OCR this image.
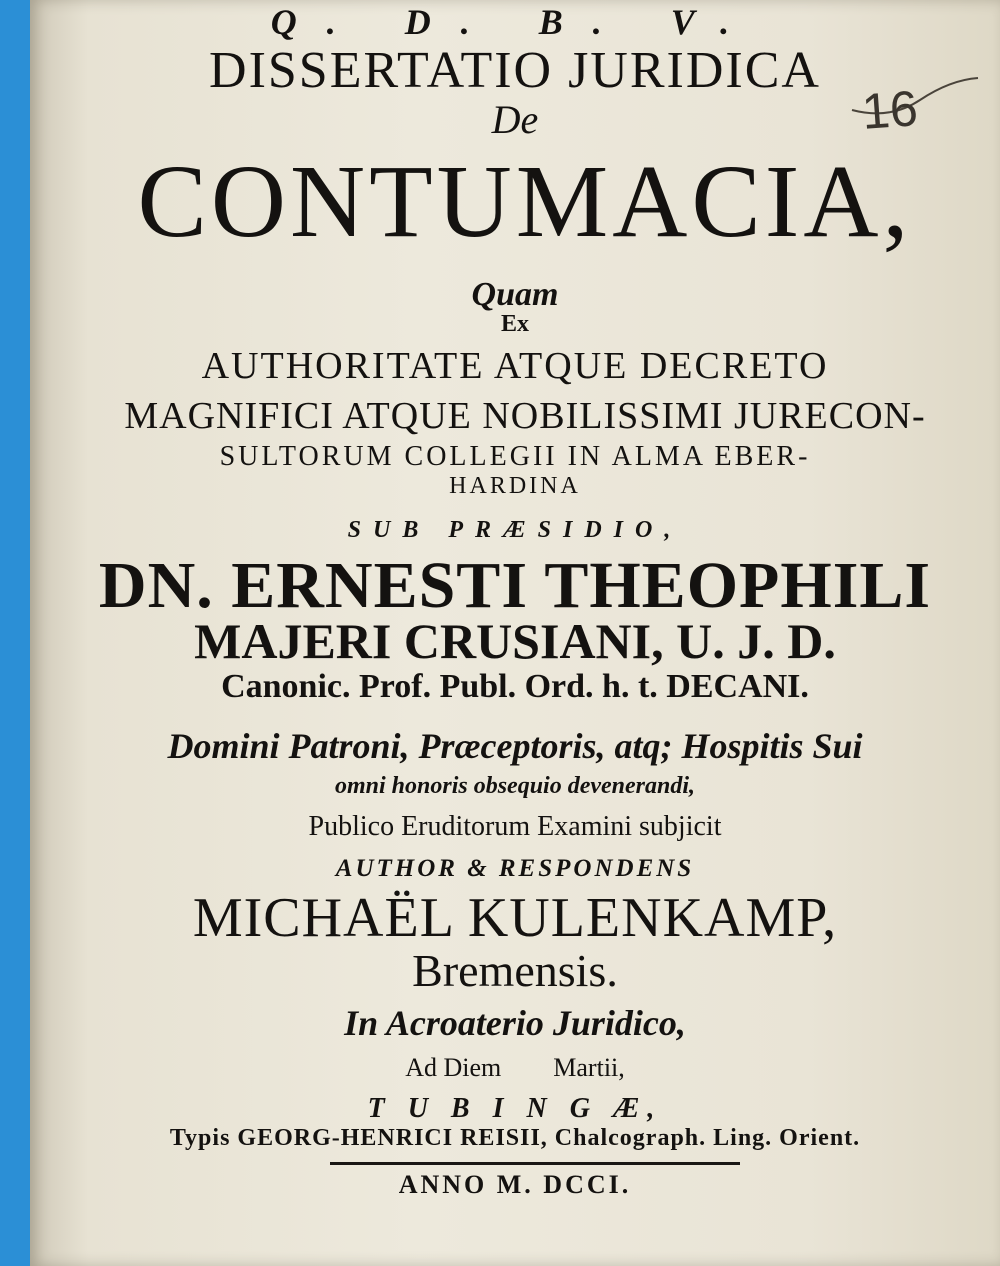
16
Q. D. B. V.
DISSERTATIO JURIDICA
De
CONTUMACIA,
Quam
Ex
AUTHORITATE ATQUE DECRETO
MAGNIFICI ATQUE NOBILISSIMI JURECON-
SULTORUM COLLEGII IN ALMA EBER-
HARDINA
SUB PRÆSIDIO,
DN. ERNESTI THEOPHILI
MAJERI CRUSIANI, U. J. D.
Canonic. Prof. Publ. Ord. h. t. DECANI.
Domini Patroni, Præceptoris, atq; Hospitis Sui
omni honoris obsequio devenerandi,
Publico Eruditorum Examini subjicit
AUTHOR & RESPONDENS
MICHAËL KULENKAMP,
Bremensis.
In Acroaterio Juridico,
Ad Diem        Martii,
T U B I N G Æ,
Typis GEORG-HENRICI REISII, Chalcograph. Ling. Orient.
ANNO M. DCCI.
